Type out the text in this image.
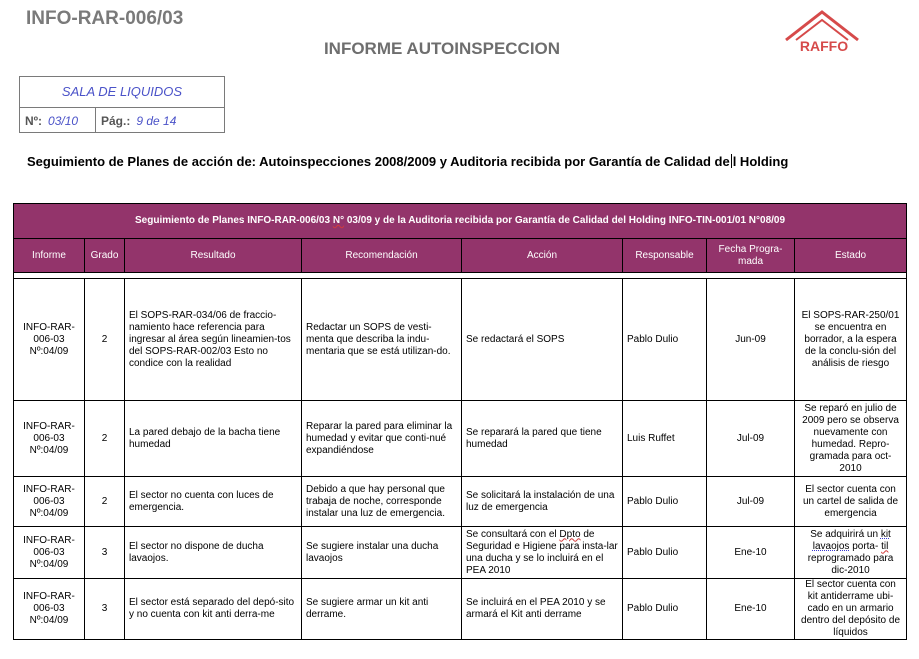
INFO-RAR-006/03
INFORME AUTOINSPECCION	RAFFO
SALA DE LIQUIDOS
Nº: 03/10 Pág.: 9 de 14
Seguimiento de Planes de acción de: Autoinspecciones 2008/2009 y Auditoria recibida por Garantía de Calidad de l Holding
Seguimiento de Planes INFO-RAR-006/03 N° 03/09 y de la Auditoria recibida por Garantía de Calidad del Holding INFO-TIN-001/01 N°08/09							
Informe	Grado	Resultado	Recomendación	Acción	Responsable	Fecha Progra-mada	Estado

INFO-RAR-006-03 Nº:04/09	2	El SOPS-RAR-034/06 de fraccio-namiento hace referencia para ingresar al área según lineamien-tos del SOPS-RAR-002/03 Esto no condice con la realidad	Redactar un SOPS de vesti-menta que describa la indu-mentaria que se está utilizan-do.	Se redactará el SOPS	Pablo Dulio	Jun-09	El SOPS-RAR-250/01 se encuentra en borrador, a la espera de la conclu-sión del análisis de riesgo
INFO-RAR-006-03 Nº:04/09	2	La pared debajo de la bacha tiene humedad	Reparar la pared para eliminar la humedad y evitar que conti-nué expandiéndose	Se reparará la pared que tiene humedad	Luis Ruffet	Jul-09	Se reparó en julio de 2009 pero se observa nuevamente con humedad. Repro-gramada para oct-2010
INFO-RAR-006-03 Nº:04/09	2	El sector no cuenta con luces de emergencia.	Debido a que hay personal que trabaja de noche, corresponde instalar una luz de emergencia.	Se solicitará la instalación de una luz de emergencia	Pablo Dulio	Jul-09	El sector cuenta con un cartel de salida de emergencia
INFO-RAR-006-03 Nº:04/09	3	El sector no dispone de ducha lavaojos.	Se sugiere instalar una ducha lavaojos	Se consultará con el Dpto de Seguridad e Higiene para insta-lar una ducha y se lo incluirá en el PEA 2010	Pablo Dulio	Ene-10	Se adquirirá un kit lavaojos porta- til reprogramado para dic-2010
INFO-RAR-006-03 Nº:04/09	3	El sector está separado del depó-sito y no cuenta con kit anti derra-me	Se sugiere armar un kit anti derrame.	Se incluirá en el PEA 2010 y se armará el Kit anti derrame	Pablo Dulio	Ene-10	El sector cuenta con kit antiderrame ubi-cado en un armario dentro del depósito de líquidos
